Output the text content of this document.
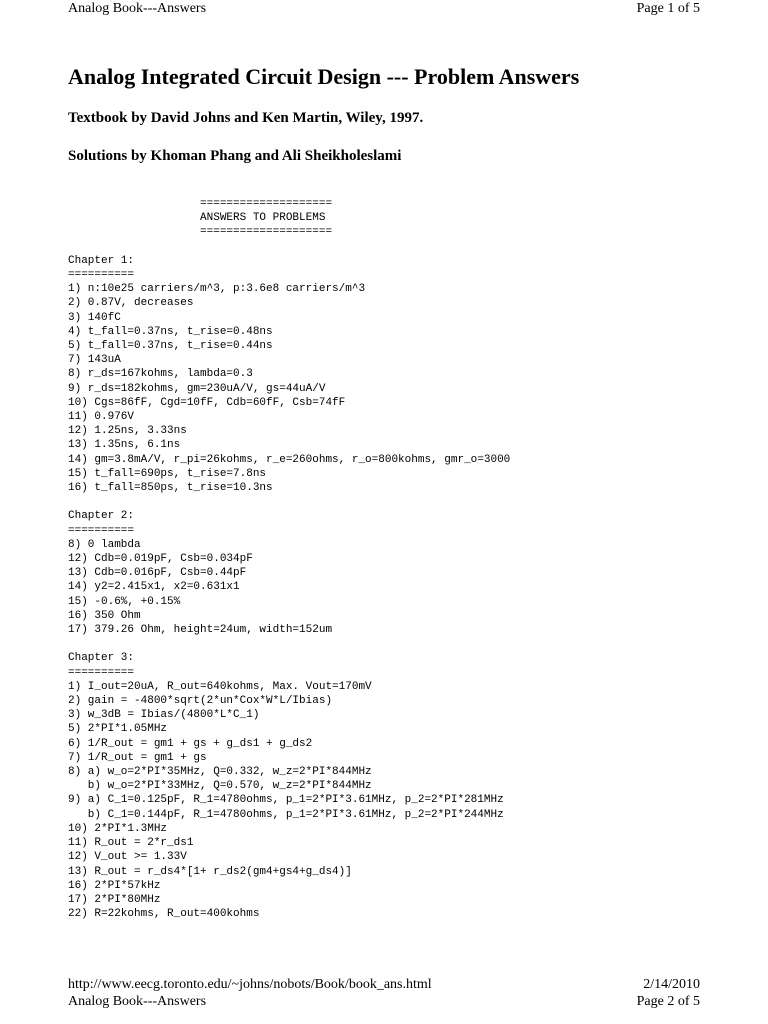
Analog Book---Answers	Page 1 of 5
Analog Integrated Circuit Design --- Problem Answers
Textbook by David Johns and Ken Martin, Wiley, 1997.
Solutions by Khoman Phang and Ali Sheikholeslami
====================
ANSWERS TO PROBLEMS
====================
Chapter 1:
==========
1) n:10e25 carriers/m^3, p:3.6e8 carriers/m^3
2) 0.87V, decreases
3) 140fC
4) t_fall=0.37ns, t_rise=0.48ns
5) t_fall=0.37ns, t_rise=0.44ns
7) 143uA
8) r_ds=167kohms, lambda=0.3
9) r_ds=182kohms, gm=230uA/V, gs=44uA/V
10) Cgs=86fF, Cgd=10fF, Cdb=60fF, Csb=74fF
11) 0.976V
12) 1.25ns, 3.33ns
13) 1.35ns, 6.1ns
14) gm=3.8mA/V, r_pi=26kohms, r_e=260ohms, r_o=800kohms, gmr_o=3000
15) t_fall=690ps, t_rise=7.8ns
16) t_fall=850ps, t_rise=10.3ns
Chapter 2:
==========
8) 0 lambda
12) Cdb=0.019pF, Csb=0.034pF
13) Cdb=0.016pF, Csb=0.44pF
14) y2=2.415x1, x2=0.631x1
15) -0.6%, +0.15%
16) 350 Ohm
17) 379.26 Ohm, height=24um, width=152um
Chapter 3:
==========
1) I_out=20uA, R_out=640kohms, Max. Vout=170mV
2) gain = -4800*sqrt(2*un*Cox*W*L/Ibias)
3) w_3dB = Ibias/(4800*L*C_1)
5) 2*PI*1.05MHz
6) 1/R_out = gm1 + gs + g_ds1 + g_ds2
7) 1/R_out = gm1 + gs
8) a) w_o=2*PI*35MHz, Q=0.332, w_z=2*PI*844MHz
b) w_o=2*PI*33MHz, Q=0.570, w_z=2*PI*844MHz
9) a) C_1=0.125pF, R_1=4780ohms, p_1=2*PI*3.61MHz, p_2=2*PI*281MHz
b) C_1=0.144pF, R_1=4780ohms, p_1=2*PI*3.61MHz, p_2=2*PI*244MHz
10) 2*PI*1.3MHz
11) R_out = 2*r_ds1
12) V_out >= 1.33V
13) R_out = r_ds4*[1+ r_ds2(gm4+gs4+g_ds4)]
16) 2*PI*57kHz
17) 2*PI*80MHz
22) R=22kohms, R_out=400kohms
http://www.eecg.toronto.edu/~johns/nobots/Book/book_ans.html	2/14/2010
Analog Book---Answers	Page 2 of 5
